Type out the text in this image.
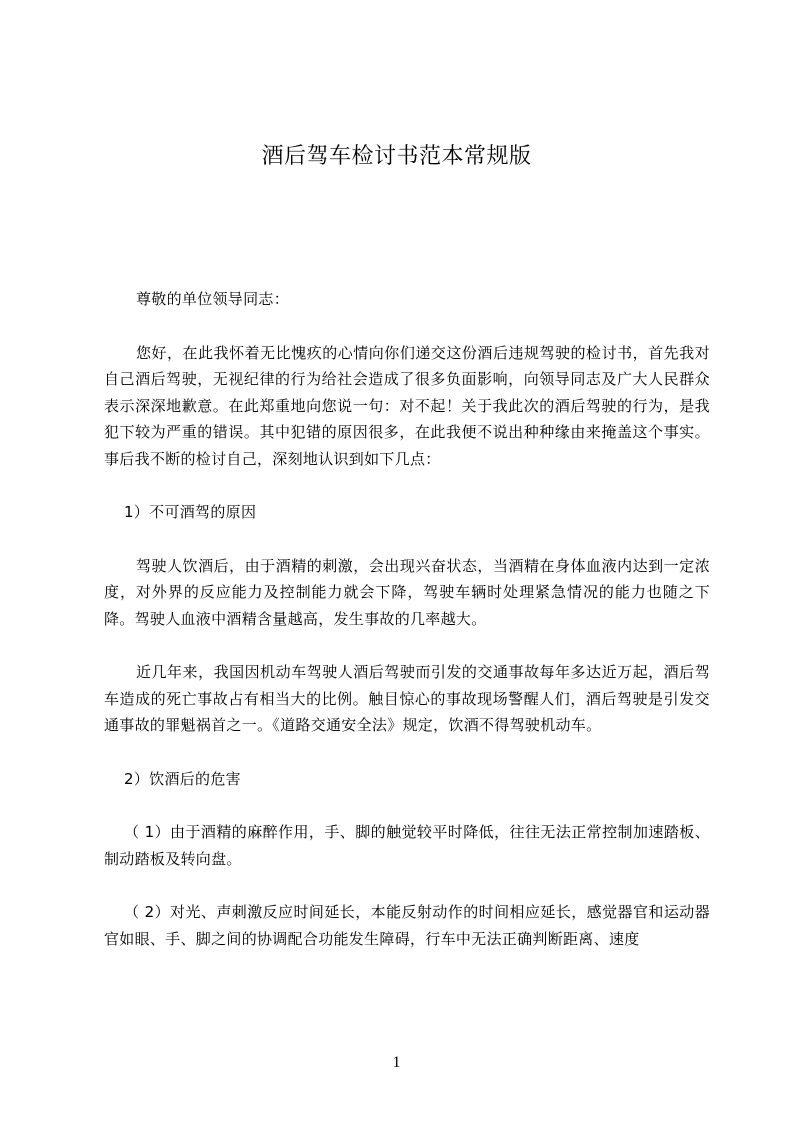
酒后驾车检讨书范本常规版

尊敬的单位领导同志：

您好，在此我怀着无比愧疚的心情向你们递交这份酒后违规驾驶的检讨书，首先我对自己酒后驾驶，无视纪律的行为给社会造成了很多负面影响，向领导同志及广大人民群众表示深深地歉意。在此郑重地向您说一句：对不起！关于我此次的酒后驾驶的行为，是我犯下较为严重的错误。其中犯错的原因很多，在此我便不说出种种缘由来掩盖这个事实。事后我不断的检讨自己，深刻地认识到如下几点：

1）不可酒驾的原因

驾驶人饮酒后，由于酒精的刺激，会出现兴奋状态，当酒精在身体血液内达到一定浓度，对外界的反应能力及控制能力就会下降，驾驶车辆时处理紧急情况的能力也随之下降。驾驶人血液中酒精含量越高，发生事故的几率越大。

近几年来，我国因机动车驾驶人酒后驾驶而引发的交通事故每年多达近万起，酒后驾车造成的死亡事故占有相当大的比例。触目惊心的事故现场警醒人们，酒后驾驶是引发交通事故的罪魁祸首之一。《道路交通安全法》规定，饮酒不得驾驶机动车。

2）饮酒后的危害

（ 1）由于酒精的麻醉作用，手、脚的触觉较平时降低，往往无法正常控制加速踏板、制动踏板及转向盘。

（ 2）对光、声刺激反应时间延长，本能反射动作的时间相应延长，感觉器官和运动器官如眼、手、脚之间的协调配合功能发生障碍，行车中无法正确判断距离、速度

1
